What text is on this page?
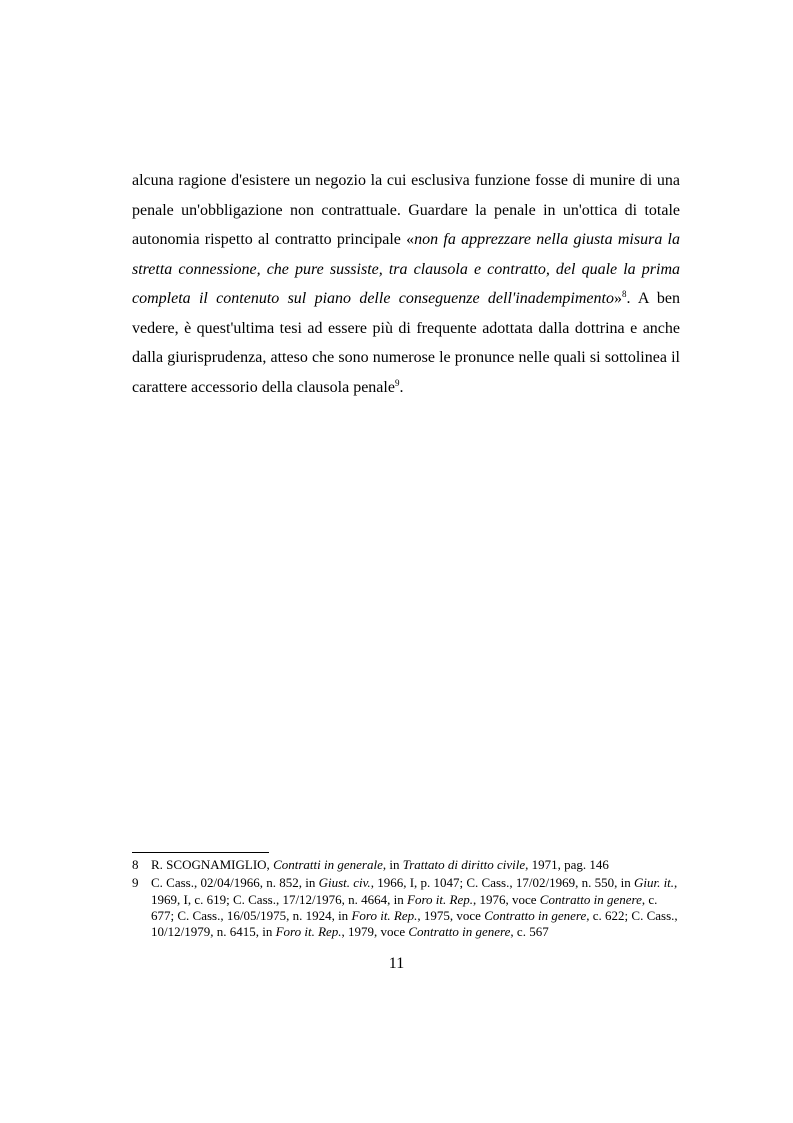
alcuna ragione d'esistere un negozio la cui esclusiva funzione fosse di munire di una penale un'obbligazione non contrattuale. Guardare la penale in un'ottica di totale autonomia rispetto al contratto principale «non fa apprezzare nella giusta misura la stretta connessione, che pure sussiste, tra clausola e contratto, del quale la prima completa il contenuto sul piano delle conseguenze dell'inadempimento»$^8$. A ben vedere, è quest'ultima tesi ad essere più di frequente adottata dalla dottrina e anche dalla giurisprudenza, atteso che sono numerose le pronunce nelle quali si sottolinea il carattere accessorio della clausola penale$^9$.

8 R. SCOGNAMIGLIO, Contratti in generale, in Trattato di diritto civile, 1971, pag. 146
9 C. Cass., 02/04/1966, n. 852, in Giust. civ., 1966, I, p. 1047; C. Cass., 17/02/1969, n. 550, in Giur. it., 1969, I, c. 619; C. Cass., 17/12/1976, n. 4664, in Foro it. Rep., 1976, voce Contratto in genere, c. 677; C. Cass., 16/05/1975, n. 1924, in Foro it. Rep., 1975, voce Contratto in genere, c. 622; C. Cass., 10/12/1979, n. 6415, in Foro it. Rep., 1979, voce Contratto in genere, c. 567
11
